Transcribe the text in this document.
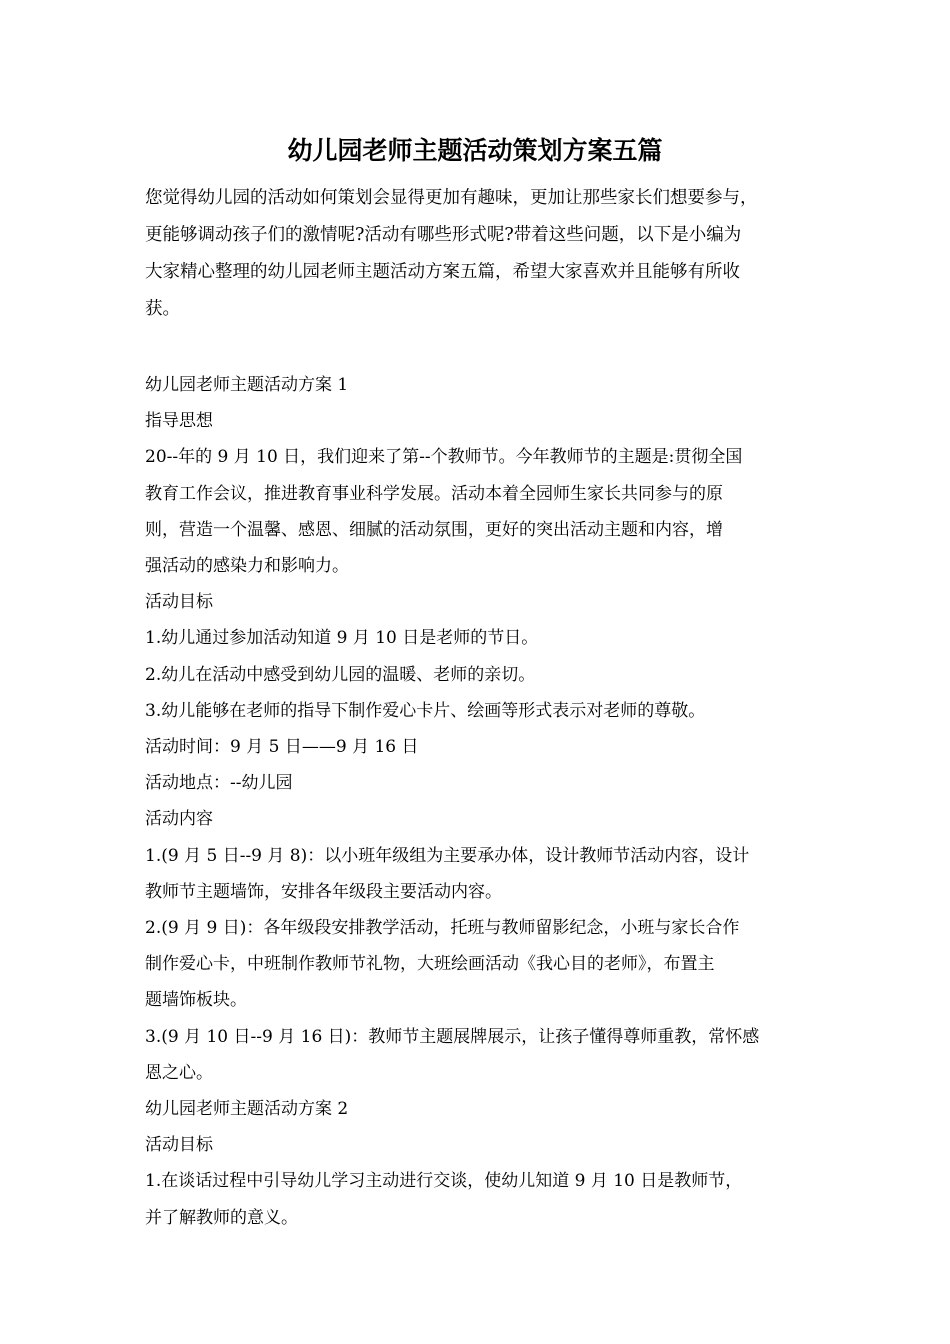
幼儿园老师主题活动策划方案五篇

您觉得幼儿园的活动如何策划会显得更加有趣味，更加让那些家长们想要参与，

更能够调动孩子们的激情呢?活动有哪些形式呢?带着这些问题，以下是小编为

大家精心整理的幼儿园老师主题活动方案五篇，希望大家喜欢并且能够有所收

获。

幼儿园老师主题活动方案 1

指导思想

20--年的 9 月 10 日，我们迎来了第--个教师节。今年教师节的主题是:贯彻全国

教育工作会议，推进教育事业科学发展。活动本着全园师生家长共同参与的原

则，营造一个温馨、感恩、细腻的活动氛围，更好的突出活动主题和内容，增

强活动的感染力和影响力。

活动目标

1.幼儿通过参加活动知道 9 月 10 日是老师的节日。

2.幼儿在活动中感受到幼儿园的温暖、老师的亲切。

3.幼儿能够在老师的指导下制作爱心卡片、绘画等形式表示对老师的尊敬。

活动时间：9 月 5 日——9 月 16 日

活动地点：--幼儿园

活动内容

1.(9 月 5 日--9 月 8)：以小班年级组为主要承办体，设计教师节活动内容，设计

教师节主题墙饰，安排各年级段主要活动内容。

2.(9 月 9 日)：各年级段安排教学活动，托班与教师留影纪念，小班与家长合作

制作爱心卡，中班制作教师节礼物，大班绘画活动《我心目的老师》，布置主

题墙饰板块。

3.(9 月 10 日--9 月 16 日)：教师节主题展牌展示，让孩子懂得尊师重教，常怀感

恩之心。

幼儿园老师主题活动方案 2

活动目标

1.在谈话过程中引导幼儿学习主动进行交谈，使幼儿知道 9 月 10 日是教师节，

并了解教师的意义。
